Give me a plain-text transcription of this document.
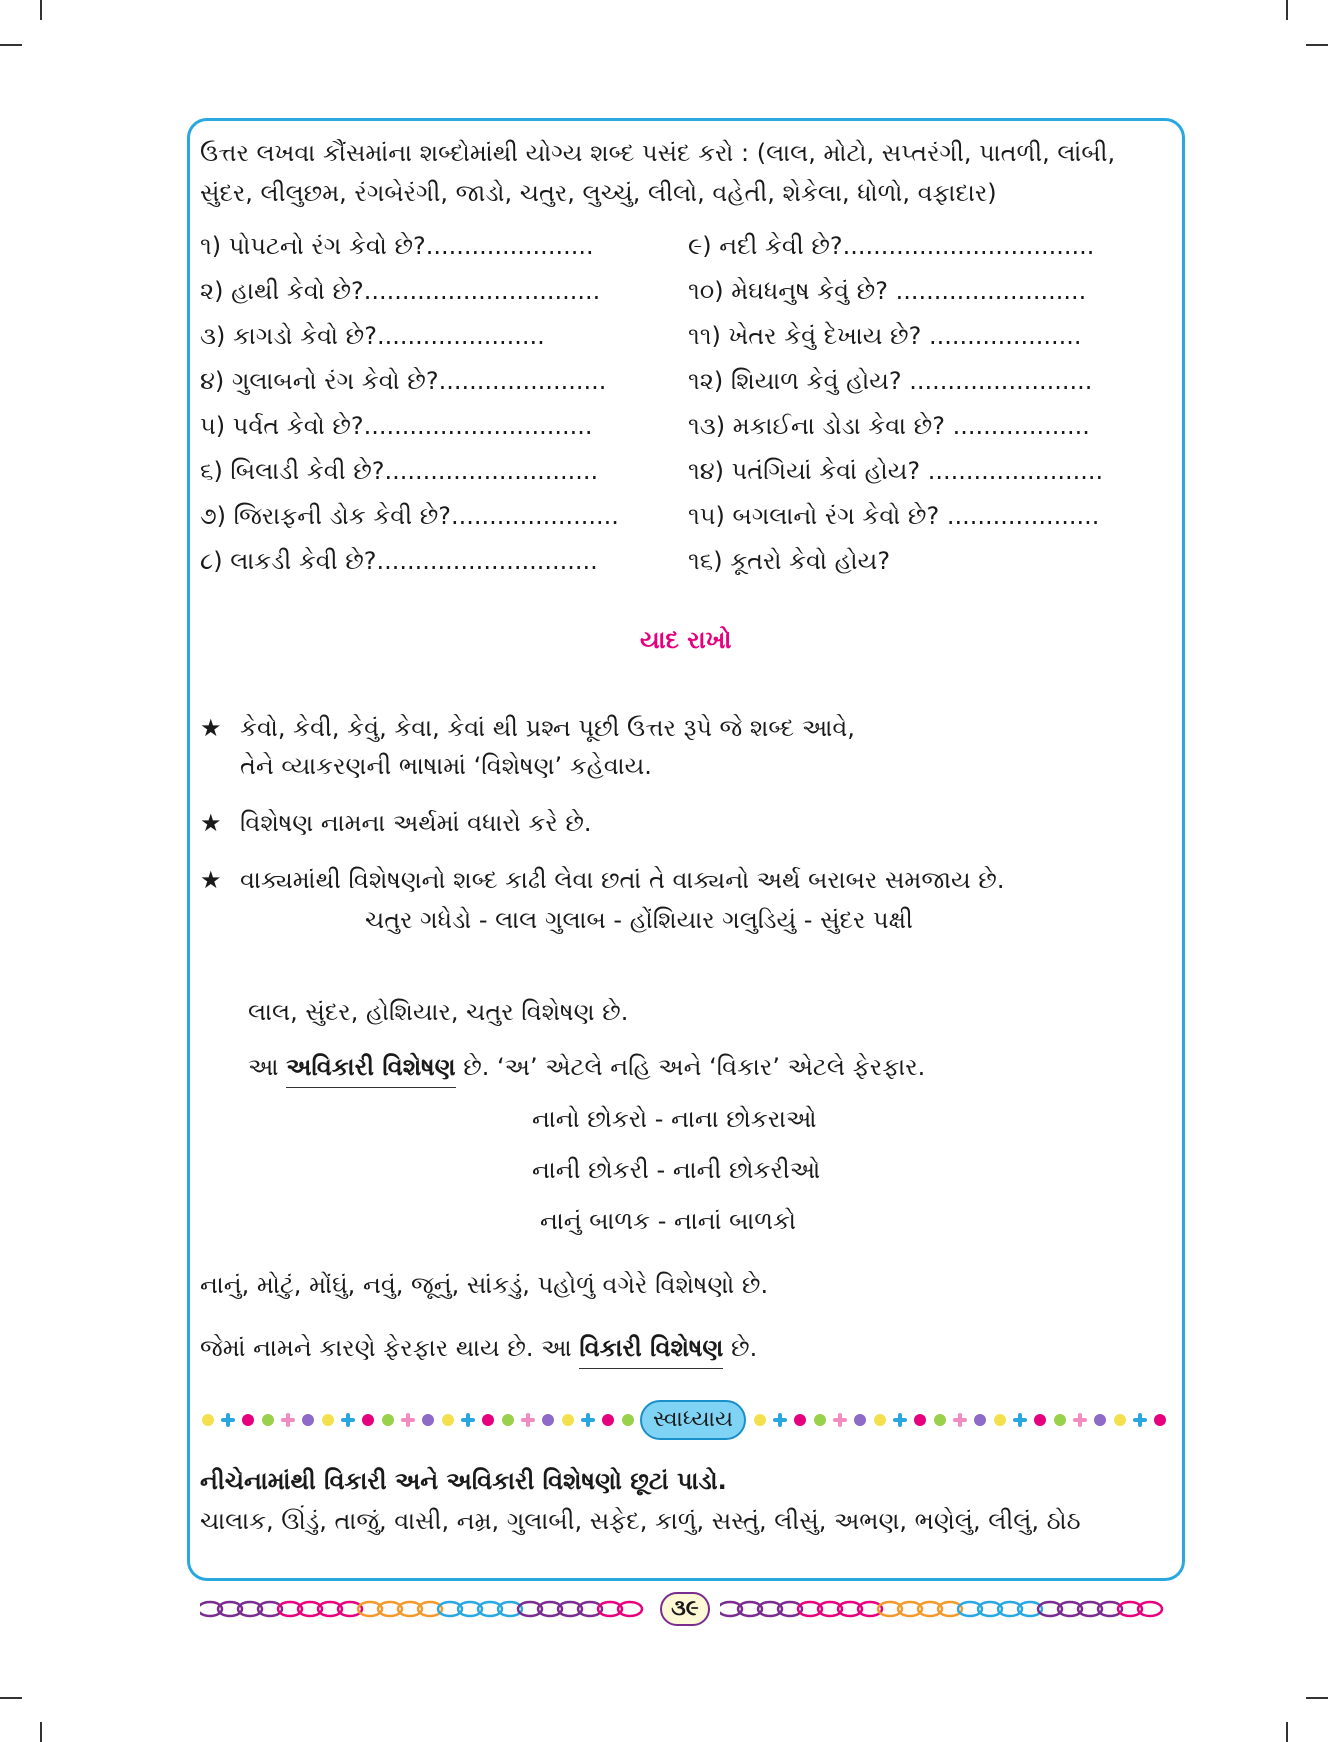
ઉત્તર લખવા કૌંસમાંના શબ્દોમાંથી યોગ્ય શબ્દ પસંદ કરો : (લાલ, મોટો, સપ્તરંગી, પાતળી, લાંબી, સુંદર, લીલુછમ, રંગબેરંગી, જાડો, ચતુર, લુચ્ચું, લીલો, વહેતી, શેકેલા, ધોળો, વફાદાર)
૧) પોપટનો રંગ કેવો છે?......................
૨) હાથી કેવો છે?...............................
૩) કાગડો કેવો છે?......................
૪) ગુલાબનો રંગ કેવો છે?......................
૫) પર્વત કેવો છે?..............................
૬) બિલાડી કેવી છે?............................
૭) જિરાફની ડોક કેવી છે?......................
૮) લાકડી કેવી છે?.............................
૯) નદી કેવી છે?.................................
૧૦) મેઘધનુષ કેવું છે? .........................
૧૧) ખેતર કેવું દેખાય છે? ....................
૧૨) શિયાળ કેવું હોય? ........................
૧૩) મકાઈના ડોડા કેવા છે? ..................
૧૪) પતંગિયાં કેવાં હોય? .......................
૧૫) બગલાનો રંગ કેવો છે? ....................
૧૬) કૂતરો કેવો હોય?
યાદ રાખો
★ કેવો, કેવી, કેવું, કેવા, કેવાં થી પ્રશ્ન પૂછી ઉત્તર રૂપે જે શબ્દ આવે,
તેને વ્યાકરણની ભાષામાં ‘વિશેષણ’ કહેવાય.
★ વિશેષણ નામના અર્થમાં વધારો કરે છે.
★ વાક્યમાંથી વિશેષણનો શબ્દ કાઢી લેવા છતાં તે વાક્યનો અર્થ બરાબર સમજાય છે.
ચતુર ગધેડો - લાલ ગુલાબ - હોંશિયાર ગલુડિયું - સુંદર પક્ષી
લાલ, સુંદર, હોશિયાર, ચતુર વિશેષણ છે.
આ અવિકારી વિશેષણ છે. ‘અ’ એટલે નહિ અને ‘વિકાર’ એટલે ફેરફાર.
નાનો છોકરો - નાના છોકરાઓ
નાની છોકરી - નાની છોકરીઓ
નાનું બાળક - નાનાં બાળકો
નાનું, મોટું, મોંઘું, નવું, જૂનું, સાંકડું, પહોળું વગેરે વિશેષણો છે.
જેમાં નામને કારણે ફેરફાર થાય છે. આ વિકારી વિશેષણ છે.
સ્વાધ્યાય
નીચેનામાંથી વિકારી અને અવિકારી વિશેષણો છૂટાં પાડો.
ચાલાક, ઊંડું, તાજું, વાસી, નમ્ર, ગુલાબી, સફેદ, કાળું, સસ્તું, લીસું, અભણ, ભણેલું, લીલું, ઠોઠ
૩૯
